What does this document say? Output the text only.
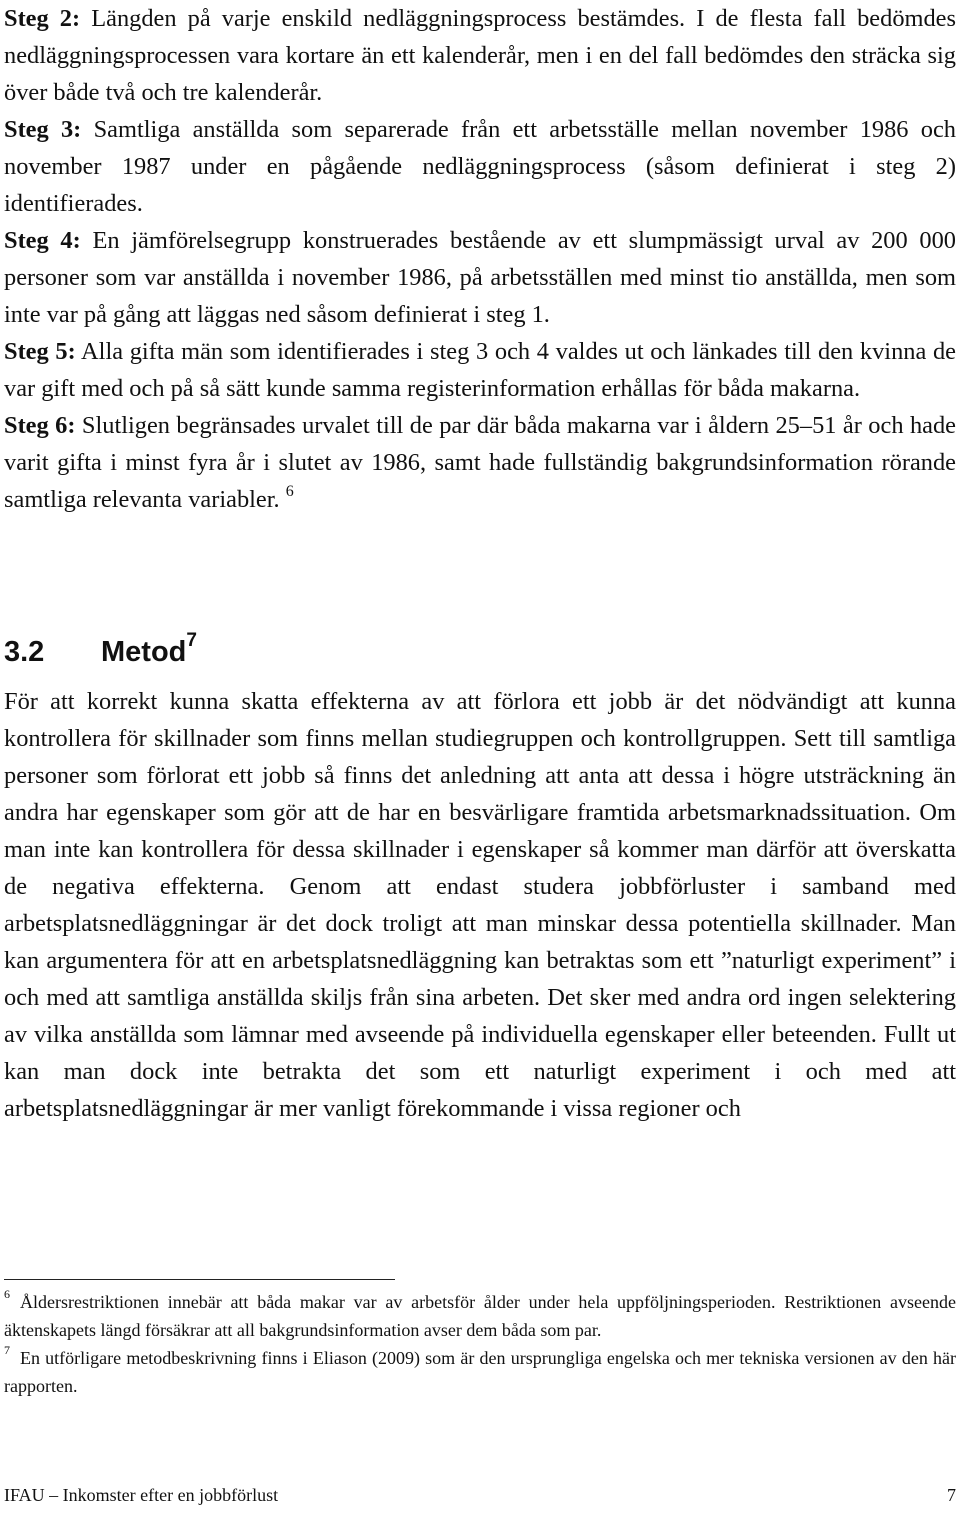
Steg 2: Längden på varje enskild nedläggningsprocess bestämdes. I de flesta fall bedömdes nedläggningsprocessen vara kortare än ett kalenderår, men i en del fall bedömdes den sträcka sig över både två och tre kalenderår.

Steg 3: Samtliga anställda som separerade från ett arbetsställe mellan november 1986 och november 1987 under en pågående nedläggningsprocess (såsom definierat i steg 2) identifierades.

Steg 4: En jämförelsegrupp konstruerades bestående av ett slumpmässigt urval av 200 000 personer som var anställda i november 1986, på arbetsställen med minst tio anställda, men som inte var på gång att läggas ned såsom definierat i steg 1.

Steg 5: Alla gifta män som identifierades i steg 3 och 4 valdes ut och länkades till den kvinna de var gift med och på så sätt kunde samma registerinformation erhållas för båda makarna.

Steg 6: Slutligen begränsades urvalet till de par där båda makarna var i åldern 25–51 år och hade varit gifta i minst fyra år i slutet av 1986, samt hade fullständig bakgrundsinformation rörande samtliga relevanta variabler. $^6$

3.2 Metod$^7$

För att korrekt kunna skatta effekterna av att förlora ett jobb är det nödvändigt att kunna kontrollera för skillnader som finns mellan studiegruppen och kontrollgruppen. Sett till samtliga personer som förlorat ett jobb så finns det anledning att anta att dessa i högre utsträckning än andra har egenskaper som gör att de har en besvärligare framtida arbetsmarknadssituation. Om man inte kan kontrollera för dessa skillnader i egenskaper så kommer man därför att överskatta de negativa effekterna. Genom att endast studera jobbförluster i samband med arbetsplatsnedläggningar är det dock troligt att man minskar dessa potentiella skillnader. Man kan argumentera för att en arbetsplatsnedläggning kan betraktas som ett ”naturligt experiment” i och med att samtliga anställda skiljs från sina arbeten. Det sker med andra ord ingen selektering av vilka anställda som lämnar med avseende på individuella egenskaper eller beteenden. Fullt ut kan man dock inte betrakta det som ett naturligt experiment i och med att arbetsplatsnedläggningar är mer vanligt förekommande i vissa regioner och

$^6$ Åldersrestriktionen innebär att båda makar var av arbetsför ålder under hela uppföljningsperioden. Restriktionen avseende äktenskapets längd försäkrar att all bakgrundsinformation avser dem båda som par.

$^7$ En utförligare metodbeskrivning finns i Eliason (2009) som är den ursprungliga engelska och mer tekniska versionen av den här rapporten.

IFAU – Inkomster efter en jobbförlust	7
